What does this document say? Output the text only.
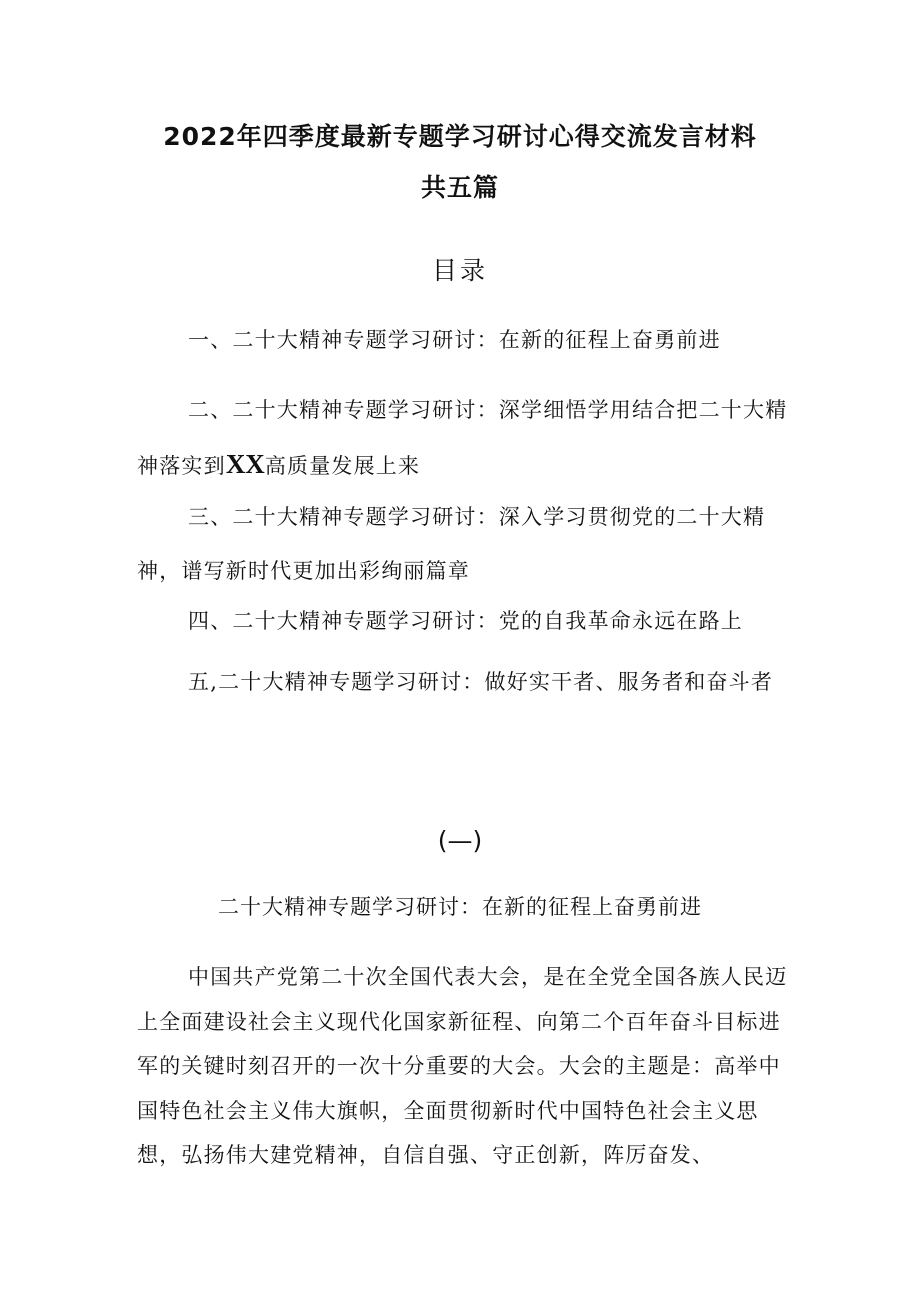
2022年四季度最新专题学习研讨心得交流发言材料
共五篇
目录

一、二十大精神专题学习研讨：在新的征程上奋勇前进

二、二十大精神专题学习研讨：深学细悟学用结合把二十大精神落实到XX高质量发展上来

三、二十大精神专题学习研讨：深入学习贯彻党的二十大精神，谱写新时代更加出彩绚丽篇章

四、二十大精神专题学习研讨：党的自我革命永远在路上

五,二十大精神专题学习研讨：做好实干者、服务者和奋斗者

(—)
二十大精神专题学习研讨：在新的征程上奋勇前进

中国共产党第二十次全国代表大会，是在全党全国各族人民迈上全面建设社会主义现代化国家新征程、向第二个百年奋斗目标进军的关键时刻召开的一次十分重要的大会。大会的主题是：高举中国特色社会主义伟大旗帜，全面贯彻新时代中国特色社会主义思想，弘扬伟大建党精神，自信自强、守正创新，阵厉奋发、
